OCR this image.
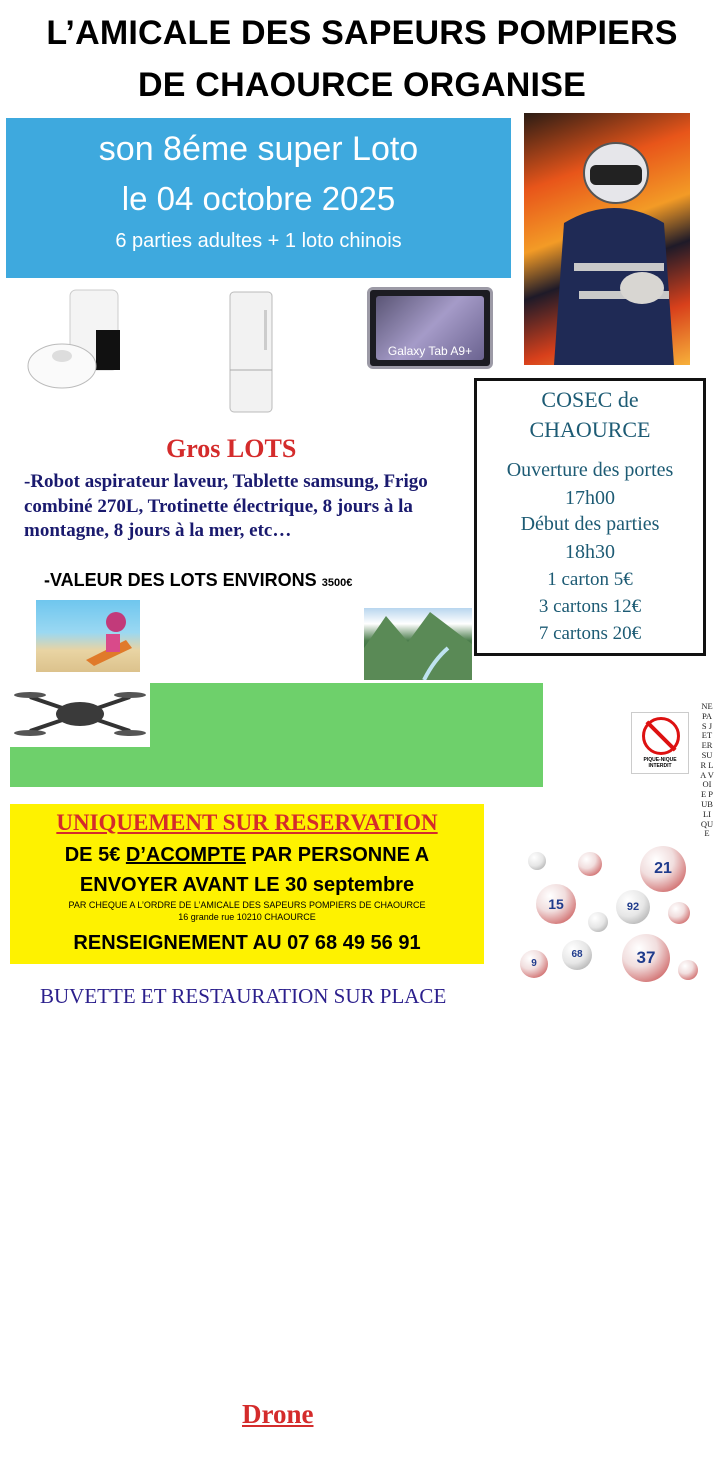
L’AMICALE DES SAPEURS POMPIERS
DE CHAOURCE ORGANISE
son 8éme super Loto
le 04 octobre 2025
6 parties adultes + 1 loto chinois
Galaxy Tab A9+
Gros LOTS
-Robot aspirateur laveur, Tablette samsung, Frigo combiné 270L, Trotinette électrique, 8 jours à la montagne, 8 jours à la mer, etc…
-VALEUR DES LOTS ENVIRONS 3500€
COSEC de
CHAOURCE
Ouverture des portes
17h00
Début des parties
18h30
1 carton 5€
3 cartons 12€
7 cartons 20€
SUPER TOMBOLA
Drone
ET DE NOMBREUX LOTS
PIQUE-NIQUE INTERDIT
NE PAS JETER SUR LA VOIE PUBLIQUE
UNIQUEMENT SUR RESERVATION
DE 5€ D’ACOMPTE PAR PERSONNE A
ENVOYER AVANT LE 30 septembre
PAR CHEQUE A L’ORDRE DE L’AMICALE DES SAPEURS POMPIERS DE CHAOURCE
16 grande rue 10210 CHAOURCE
RENSEIGNEMENT AU 07 68 49 56 91
21
15
37
92
68
9
BUVETTE ET RESTAURATION SUR PLACE
